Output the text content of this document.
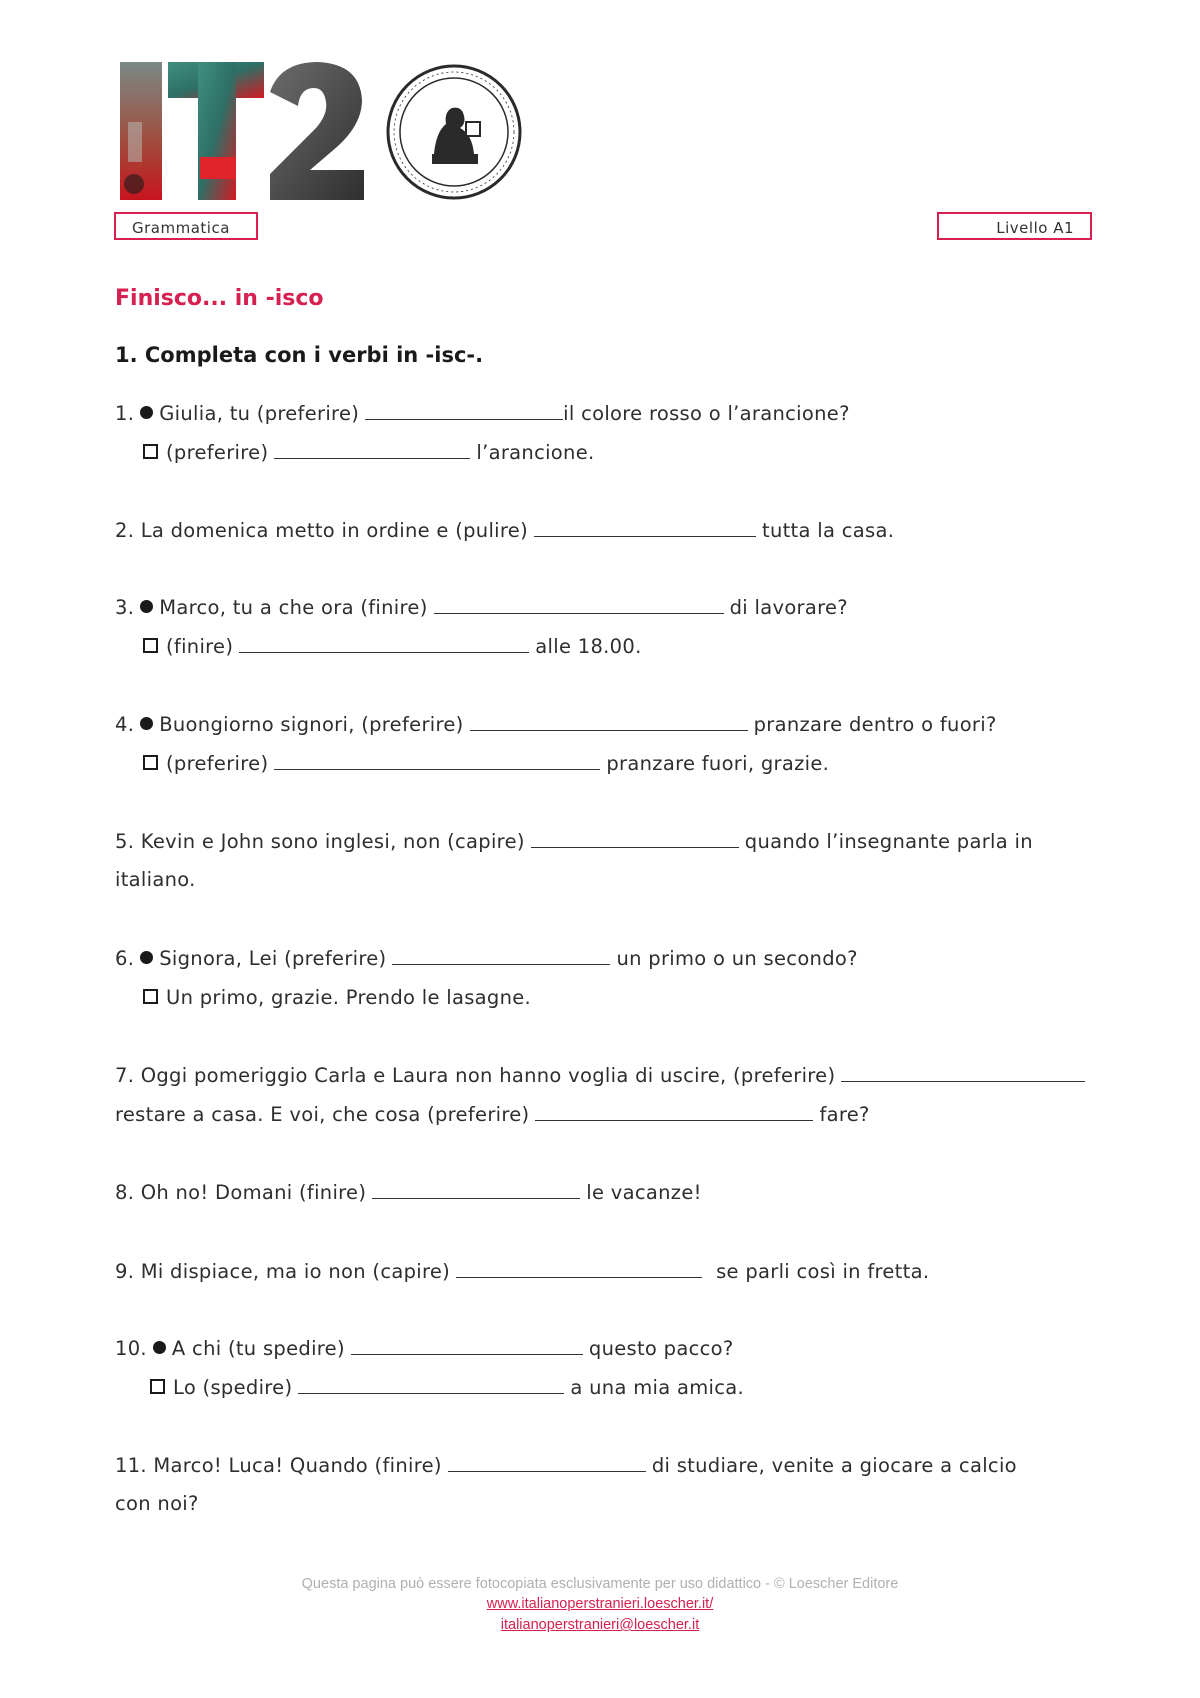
Grammatica	Livello A1
Finisco... in -isco
1. Completa con i verbi in -isc-.
1. Giulia, tu (preferire)	il colore rosso o l’arancione?
(preferire)	l’arancione.
2. La domenica metto in ordine e (pulire)	tutta la casa.
3. Marco, tu a che ora (finire)	di lavorare?
(finire)	alle 18.00.
4. Buongiorno signori, (preferire)	pranzare dentro o fuori?
(preferire)	pranzare fuori, grazie.
5. Kevin e John sono inglesi, non (capire)	quando l’insegnante parla in
italiano.
6. Signora, Lei (preferire)	un primo o un secondo?
Un primo, grazie. Prendo le lasagne.
7. Oggi pomeriggio Carla e Laura non hanno voglia di uscire, (preferire)
restare a casa. E voi, che cosa (preferire)	fare?
8. Oh no! Domani (finire)	le vacanze!
9. Mi dispiace, ma io non (capire)	se parli così in fretta.
10. A chi (tu spedire)	questo pacco?
Lo (spedire)	a una mia amica.
11. Marco! Luca! Quando (finire)	di studiare, venite a giocare a calcio
con noi?
Questa pagina può essere fotocopiata esclusivamente per uso didattico - © Loescher Editore
www.italianoperstranieri.loescher.it/
italianoperstranieri@loescher.it
